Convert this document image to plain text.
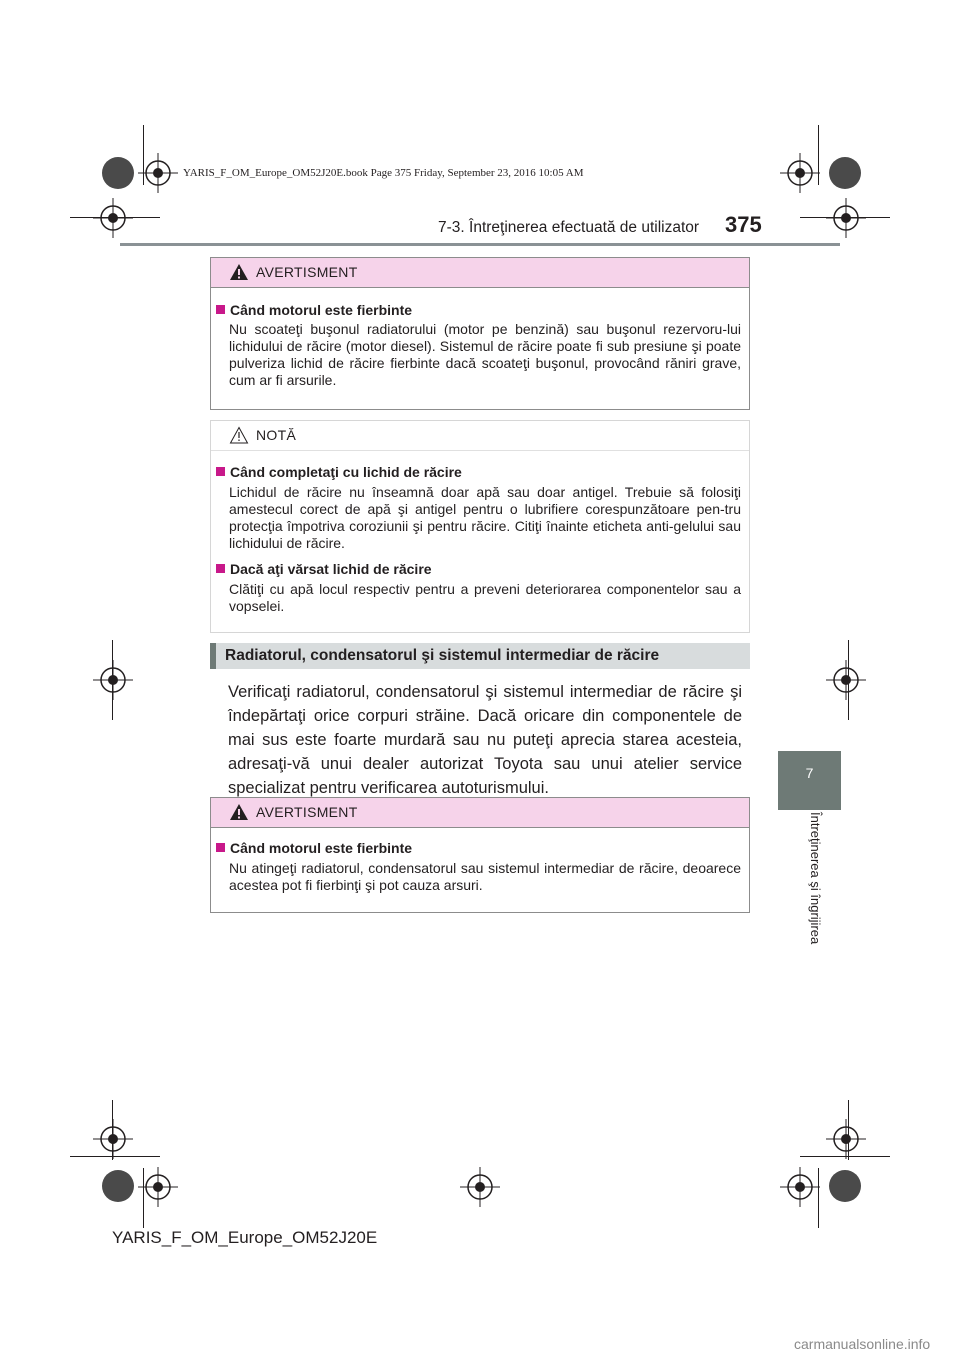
YARIS_F_OM_Europe_OM52J20E.book Page 375 Friday, September 23, 2016 10:05 AM
7-3. Întreţinerea efectuată de utilizator 375
7
Întreţinerea şi îngrijirea
AVERTISMENT
Când motorul este fierbinte
Nu scoateţi buşonul radiatorului (motor pe benzină) sau buşonul rezervoru-lui lichidului de răcire (motor diesel). Sistemul de răcire poate fi sub presiune şi poate pulveriza lichid de răcire fierbinte dacă scoateţi buşonul, provocând răniri grave, cum ar fi arsurile.
NOTĂ
Când completaţi cu lichid de răcire
Lichidul de răcire nu înseamnă doar apă sau doar antigel. Trebuie să folosiţi amestecul corect de apă şi antigel pentru o lubrifiere corespunzătoare pen-tru protecţia împotriva coroziunii şi pentru răcire. Citiţi înainte eticheta anti-gelului sau lichidului de răcire.
Dacă aţi vărsat lichid de răcire
Clătiţi cu apă locul respectiv pentru a preveni deteriorarea componentelor sau a vopselei.
Radiatorul, condensatorul şi sistemul intermediar de răcire
Verificaţi radiatorul, condensatorul şi sistemul intermediar de răcire şi îndepărtaţi orice corpuri străine. Dacă oricare din componentele de mai sus este foarte murdară sau nu puteţi aprecia starea acesteia, adresaţi-vă unui dealer autorizat Toyota sau unui atelier service specializat pentru verificarea autoturismului.
AVERTISMENT
Când motorul este fierbinte
Nu atingeţi radiatorul, condensatorul sau sistemul intermediar de răcire, deoarece acestea pot fi fierbinţi şi pot cauza arsuri.
YARIS_F_OM_Europe_OM52J20E
carmanualsonline.info
